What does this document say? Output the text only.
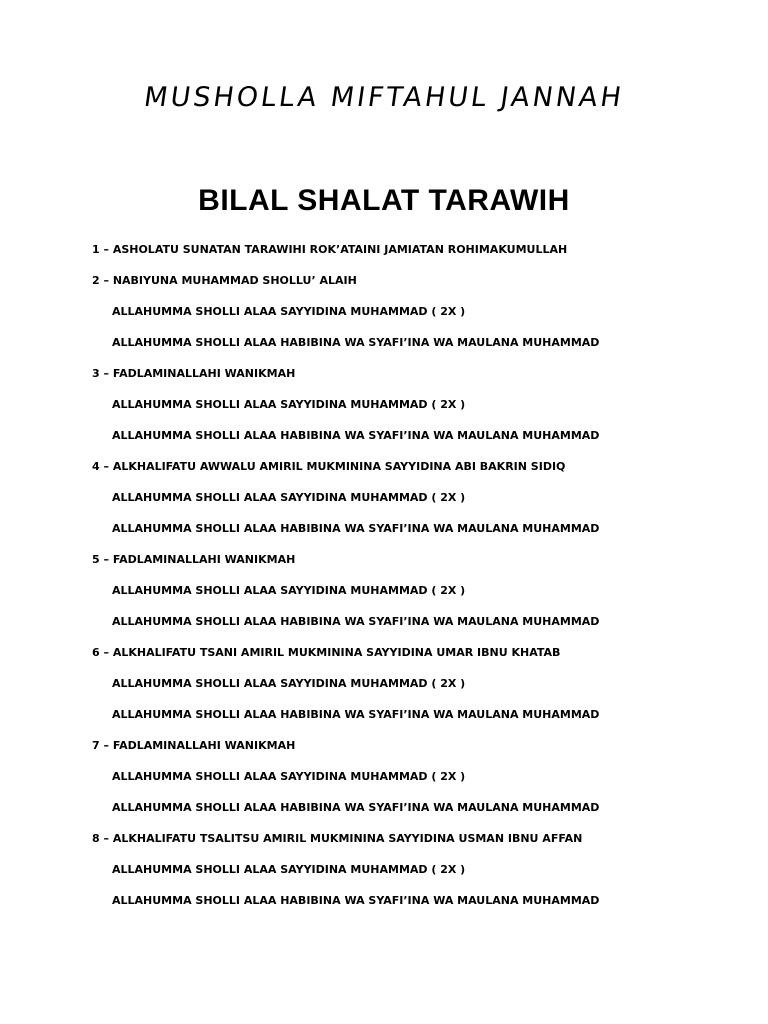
MUSHOLLA MIFTAHUL JANNAH
BILAL SHALAT TARAWIH
1 – ASHOLATU SUNATAN TARAWIHI ROK’ATAINI JAMIATAN ROHIMAKUMULLAH
2 – NABIYUNA MUHAMMAD SHOLLU’ ALAIH
ALLAHUMMA SHOLLI ALAA SAYYIDINA MUHAMMAD ( 2X )
ALLAHUMMA SHOLLI ALAA HABIBINA WA SYAFI’INA WA MAULANA MUHAMMAD
3 – FADLAMINALLAHI WANIKMAH
ALLAHUMMA SHOLLI ALAA SAYYIDINA MUHAMMAD ( 2X )
ALLAHUMMA SHOLLI ALAA HABIBINA WA SYAFI’INA WA MAULANA MUHAMMAD
4 – ALKHALIFATU AWWALU AMIRIL MUKMININA SAYYIDINA ABI BAKRIN SIDIQ
ALLAHUMMA SHOLLI ALAA SAYYIDINA MUHAMMAD ( 2X )
ALLAHUMMA SHOLLI ALAA HABIBINA WA SYAFI’INA WA MAULANA MUHAMMAD
5 – FADLAMINALLAHI WANIKMAH
ALLAHUMMA SHOLLI ALAA SAYYIDINA MUHAMMAD ( 2X )
ALLAHUMMA SHOLLI ALAA HABIBINA WA SYAFI’INA WA MAULANA MUHAMMAD
6 – ALKHALIFATU TSANI AMIRIL MUKMININA SAYYIDINA UMAR IBNU KHATAB
ALLAHUMMA SHOLLI ALAA SAYYIDINA MUHAMMAD ( 2X )
ALLAHUMMA SHOLLI ALAA HABIBINA WA SYAFI’INA WA MAULANA MUHAMMAD
7 – FADLAMINALLAHI WANIKMAH
ALLAHUMMA SHOLLI ALAA SAYYIDINA MUHAMMAD ( 2X )
ALLAHUMMA SHOLLI ALAA HABIBINA WA SYAFI’INA WA MAULANA MUHAMMAD
8 – ALKHALIFATU TSALITSU AMIRIL MUKMININA SAYYIDINA USMAN IBNU AFFAN
ALLAHUMMA SHOLLI ALAA SAYYIDINA MUHAMMAD ( 2X )
ALLAHUMMA SHOLLI ALAA HABIBINA WA SYAFI’INA WA MAULANA MUHAMMAD
